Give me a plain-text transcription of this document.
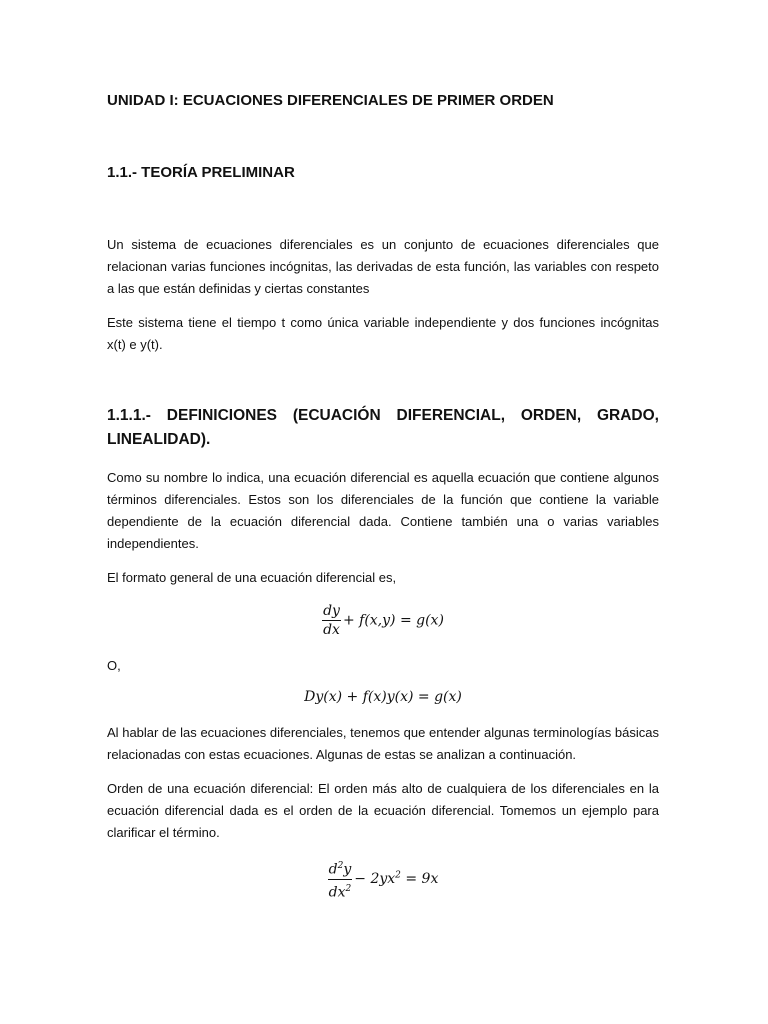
UNIDAD I: ECUACIONES DIFERENCIALES DE PRIMER ORDEN
1.1.- TEORÍA PRELIMINAR
Un sistema de ecuaciones diferenciales es un conjunto de ecuaciones diferenciales que relacionan varias funciones incógnitas, las derivadas de esta función, las variables con respeto a las que están definidas y ciertas constantes
Este sistema tiene el tiempo t como única variable independiente y dos funciones incógnitas x(t) e y(t).
1.1.1.- DEFINICIONES (ECUACIÓN DIFERENCIAL, ORDEN, GRADO, LINEALIDAD).
Como su nombre lo indica, una ecuación diferencial es aquella ecuación que contiene algunos términos diferenciales. Estos son los diferenciales de la función que contiene la variable dependiente de la ecuación diferencial dada. Contiene también una o varias variables independientes.
El formato general de una ecuación diferencial es,
$\frac{dy}{dx} + f(x,y) = g(x)$
O,
Dy(x) + f(x)y(x) = g(x)
Al hablar de las ecuaciones diferenciales, tenemos que entender algunas terminologías básicas relacionadas con estas ecuaciones. Algunas de estas se analizan a continuación.
Orden de una ecuación diferencial: El orden más alto de cualquiera de los diferenciales en la ecuación diferencial dada es el orden de la ecuación diferencial. Tomemos un ejemplo para clarificar el término.
$\frac{d^2y}{dx^2} - 2yx^2 = 9x$
